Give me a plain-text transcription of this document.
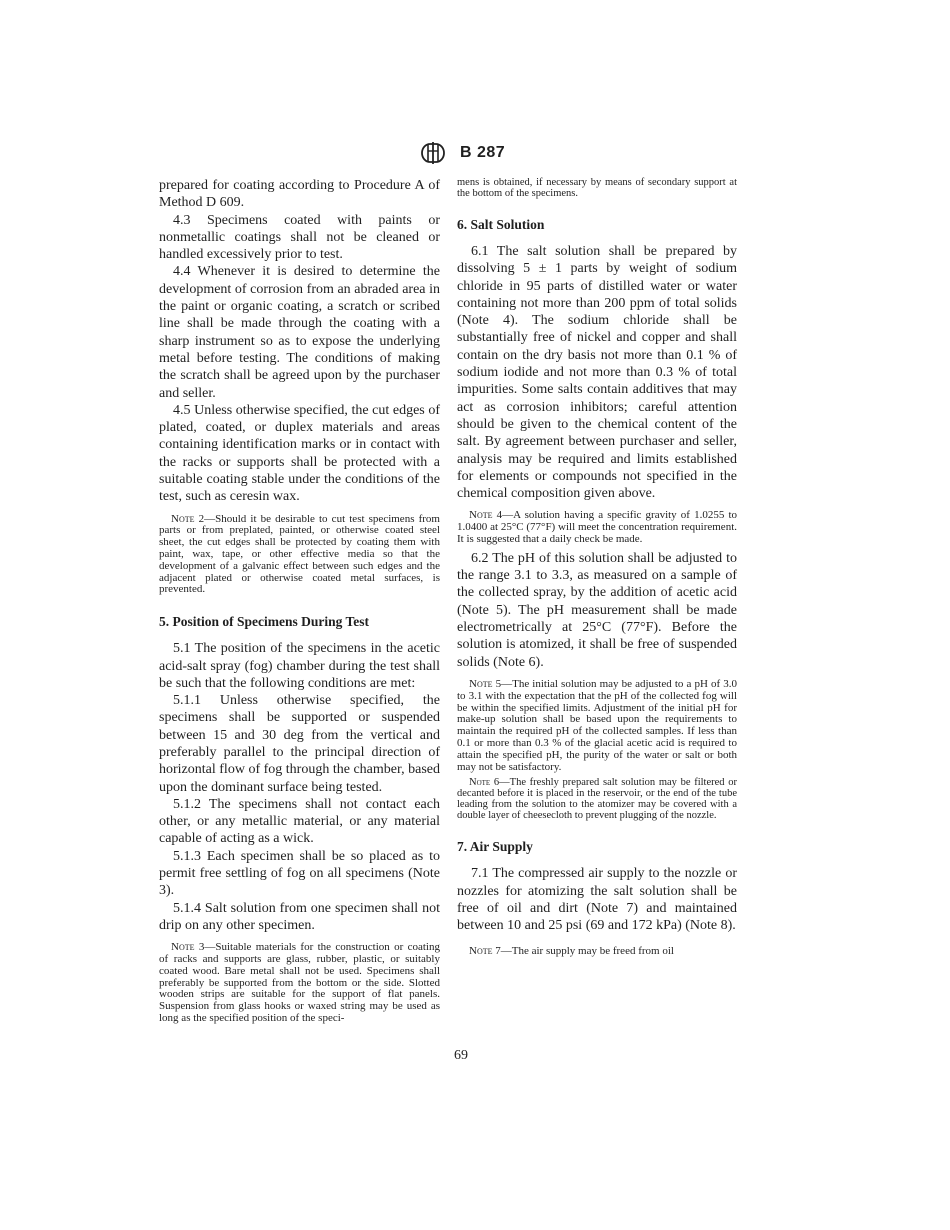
B 287

prepared for coating according to Procedure A of Method D 609.

4.3 Specimens coated with paints or nonmetallic coatings shall not be cleaned or handled excessively prior to test.

4.4 Whenever it is desired to determine the development of corrosion from an abraded area in the paint or organic coating, a scratch or scribed line shall be made through the coating with a sharp instrument so as to expose the underlying metal before testing. The conditions of making the scratch shall be agreed upon by the purchaser and seller.

4.5 Unless otherwise specified, the cut edges of plated, coated, or duplex materials and areas containing identification marks or in contact with the racks or supports shall be protected with a suitable coating stable under the conditions of the test, such as ceresin wax.

Note 2—Should it be desirable to cut test specimens from parts or from preplated, painted, or otherwise coated steel sheet, the cut edges shall be protected by coating them with paint, wax, tape, or other effective media so that the development of a galvanic effect between such edges and the adjacent plated or otherwise coated metal surfaces, is prevented.

5. Position of Specimens During Test

5.1 The position of the specimens in the acetic acid-salt spray (fog) chamber during the test shall be such that the following conditions are met:

5.1.1 Unless otherwise specified, the specimens shall be supported or suspended between 15 and 30 deg from the vertical and preferably parallel to the principal direction of horizontal flow of fog through the chamber, based upon the dominant surface being tested.

5.1.2 The specimens shall not contact each other, or any metallic material, or any material capable of acting as a wick.

5.1.3 Each specimen shall be so placed as to permit free settling of fog on all specimens (Note 3).

5.1.4 Salt solution from one specimen shall not drip on any other specimen.

Note 3—Suitable materials for the construction or coating of racks and supports are glass, rubber, plastic, or suitably coated wood. Bare metal shall not be used. Specimens shall preferably be supported from the bottom or the side. Slotted wooden strips are suitable for the support of flat panels. Suspension from glass hooks or waxed string may be used as long as the specified position of the speci-

mens is obtained, if necessary by means of secondary support at the bottom of the specimens.

6. Salt Solution

6.1 The salt solution shall be prepared by dissolving 5 ± 1 parts by weight of sodium chloride in 95 parts of distilled water or water containing not more than 200 ppm of total solids (Note 4). The sodium chloride shall be substantially free of nickel and copper and shall contain on the dry basis not more than 0.1 % of sodium iodide and not more than 0.3 % of total impurities. Some salts contain additives that may act as corrosion inhibitors; careful attention should be given to the chemical content of the salt. By agreement between purchaser and seller, analysis may be required and limits established for elements or compounds not specified in the chemical composition given above.

Note 4—A solution having a specific gravity of 1.0255 to 1.0400 at 25°C (77°F) will meet the concentration requirement. It is suggested that a daily check be made.

6.2 The pH of this solution shall be adjusted to the range 3.1 to 3.3, as measured on a sample of the collected spray, by the addition of acetic acid (Note 5). The pH measurement shall be made electrometrically at 25°C (77°F). Before the solution is atomized, it shall be free of suspended solids (Note 6).

Note 5—The initial solution may be adjusted to a pH of 3.0 to 3.1 with the expectation that the pH of the collected fog will be within the specified limits. Adjustment of the initial pH for make-up solution shall be based upon the requirements to maintain the required pH of the collected samples. If less than 0.1 or more than 0.3 % of the glacial acetic acid is required to attain the specified pH, the purity of the water or salt or both may not be satisfactory.

Note 6—The freshly prepared salt solution may be filtered or decanted before it is placed in the reservoir, or the end of the tube leading from the solution to the atomizer may be covered with a double layer of cheesecloth to prevent plugging of the nozzle.

7. Air Supply

7.1 The compressed air supply to the nozzle or nozzles for atomizing the salt solution shall be free of oil and dirt (Note 7) and maintained between 10 and 25 psi (69 and 172 kPa) (Note 8).

Note 7—The air supply may be freed from oil

69
